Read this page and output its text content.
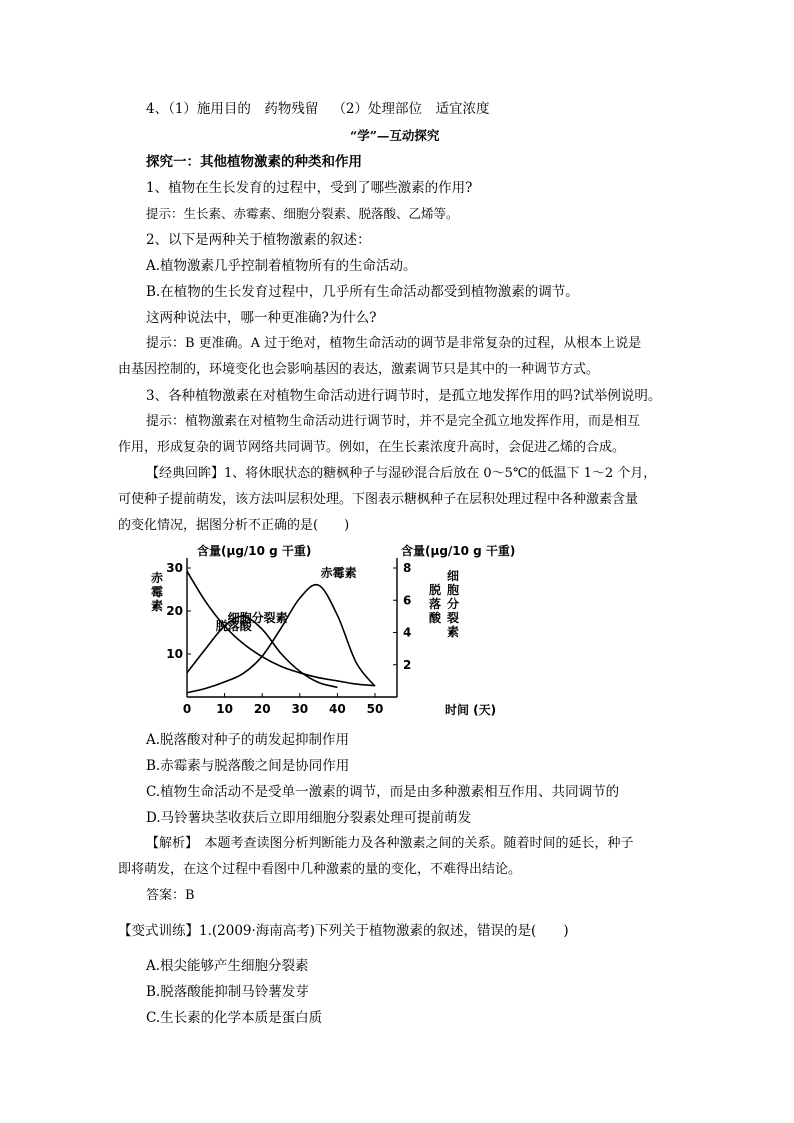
4、（1）施用目的　药物残留 （2）处理部位　适宜浓度
“学”—互动探究
探究一：其他植物激素的种类和作用
1、植物在生长发育的过程中，受到了哪些激素的作用?
提示：生长素、赤霉素、细胞分裂素、脱落酸、乙烯等。
2、以下是两种关于植物激素的叙述：
A.植物激素几乎控制着植物所有的生命活动。
B.在植物的生长发育过程中，几乎所有生命活动都受到植物激素的调节。
这两种说法中，哪一种更准确?为什么?
提示：B 更准确。A 过于绝对，植物生命活动的调节是非常复杂的过程，从根本上说是
由基因控制的，环境变化也会影响基因的表达，激素调节只是其中的一种调节方式。
3、各种植物激素在对植物生命活动进行调节时，是孤立地发挥作用的吗?试举例说明。
提示：植物激素在对植物生命活动进行调节时，并不是完全孤立地发挥作用，而是相互
作用，形成复杂的调节网络共同调节。例如，在生长素浓度升高时，会促进乙烯的合成。
【经典回眸】1、将休眠状态的糖枫种子与湿砂混合后放在 0～5℃的低温下 1～2 个月，
可使种子提前萌发，该方法叫层积处理。下图表示糖枫种子在层积处理过程中各种激素含量
的变化情况，据图分析不正确的是(　　)
0 10 20 30 40 50
10
20
30
2
4
6
8
含量(μg/10 g 干重)	含量(μg/10 g 干重)
时间 (天)
脱落酸
细胞分裂素
赤霉素
赤
霉
素
细
胞
分
裂
素
脱
落
酸
A.脱落酸对种子的萌发起抑制作用
B.赤霉素与脱落酸之间是协同作用
C.植物生命活动不是受单一激素的调节，而是由多种激素相互作用、共同调节的
D.马铃薯块茎收获后立即用细胞分裂素处理可提前萌发
【解析】　本题考查读图分析判断能力及各种激素之间的关系。随着时间的延长，种子
即将萌发，在这个过程中看图中几种激素的量的变化，不难得出结论。
答案：B
【变式训练】1.(2009·海南高考)下列关于植物激素的叙述，错误的是(　　)
A.根尖能够产生细胞分裂素
B.脱落酸能抑制马铃薯发芽
C.生长素的化学本质是蛋白质
